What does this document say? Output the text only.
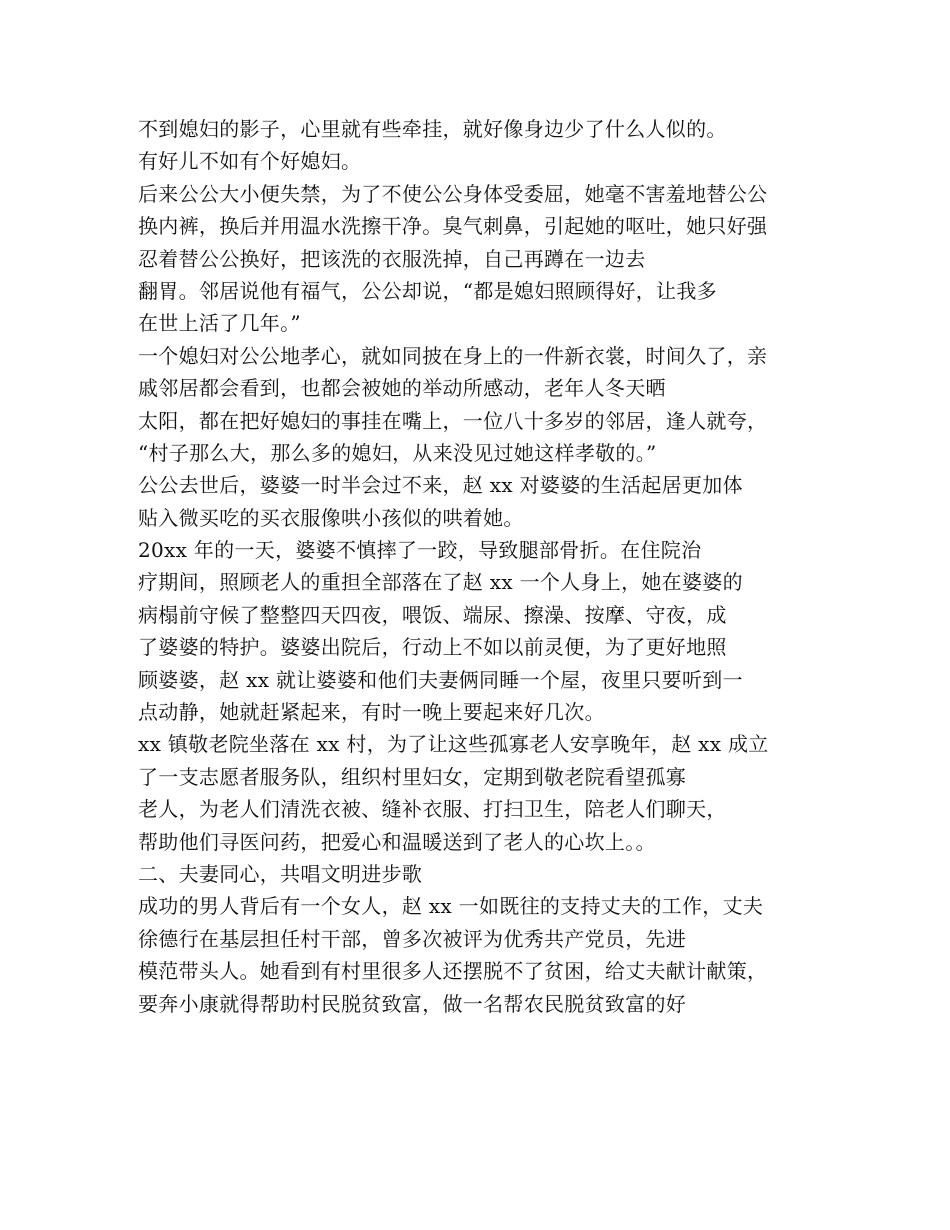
不到媳妇的影子，心里就有些牵挂，就好像身边少了什么人似的。
有好儿不如有个好媳妇。
后来公公大小便失禁，为了不使公公身体受委屈，她毫不害羞地替公公
换内裤，换后并用温水洗擦干净。臭气刺鼻，引起她的呕吐，她只好强
忍着替公公换好，把该洗的衣服洗掉，自己再蹲在一边去
翻胃。邻居说他有福气，公公却说，“都是媳妇照顾得好，让我多
在世上活了几年。”
一个媳妇对公公地孝心，就如同披在身上的一件新衣裳，时间久了，亲
戚邻居都会看到，也都会被她的举动所感动，老年人冬天晒
太阳，都在把好媳妇的事挂在嘴上，一位八十多岁的邻居，逢人就夸，
“村子那么大，那么多的媳妇，从来没见过她这样孝敬的。”
公公去世后，婆婆一时半会过不来，赵 xx 对婆婆的生活起居更加体
贴入微买吃的买衣服像哄小孩似的哄着她。
20xx 年的一天，婆婆不慎摔了一跤，导致腿部骨折。在住院治
疗期间，照顾老人的重担全部落在了赵 xx 一个人身上，她在婆婆的
病榻前守候了整整四天四夜，喂饭、端尿、擦澡、按摩、守夜，成
了婆婆的特护。婆婆出院后，行动上不如以前灵便，为了更好地照
顾婆婆，赵 xx 就让婆婆和他们夫妻俩同睡一个屋，夜里只要听到一
点动静，她就赶紧起来，有时一晚上要起来好几次。
xx 镇敬老院坐落在 xx 村，为了让这些孤寡老人安享晚年，赵 xx 成立
了一支志愿者服务队，组织村里妇女，定期到敬老院看望孤寡
老人，为老人们清洗衣被、缝补衣服、打扫卫生，陪老人们聊天，
帮助他们寻医问药，把爱心和温暖送到了老人的心坎上。。
二、夫妻同心，共唱文明进步歌
成功的男人背后有一个女人，赵 xx 一如既往的支持丈夫的工作，丈夫
徐德行在基层担任村干部，曾多次被评为优秀共产党员，先进
模范带头人。她看到有村里很多人还摆脱不了贫困，给丈夫献计献策，
要奔小康就得帮助村民脱贫致富，做一名帮农民脱贫致富的好
